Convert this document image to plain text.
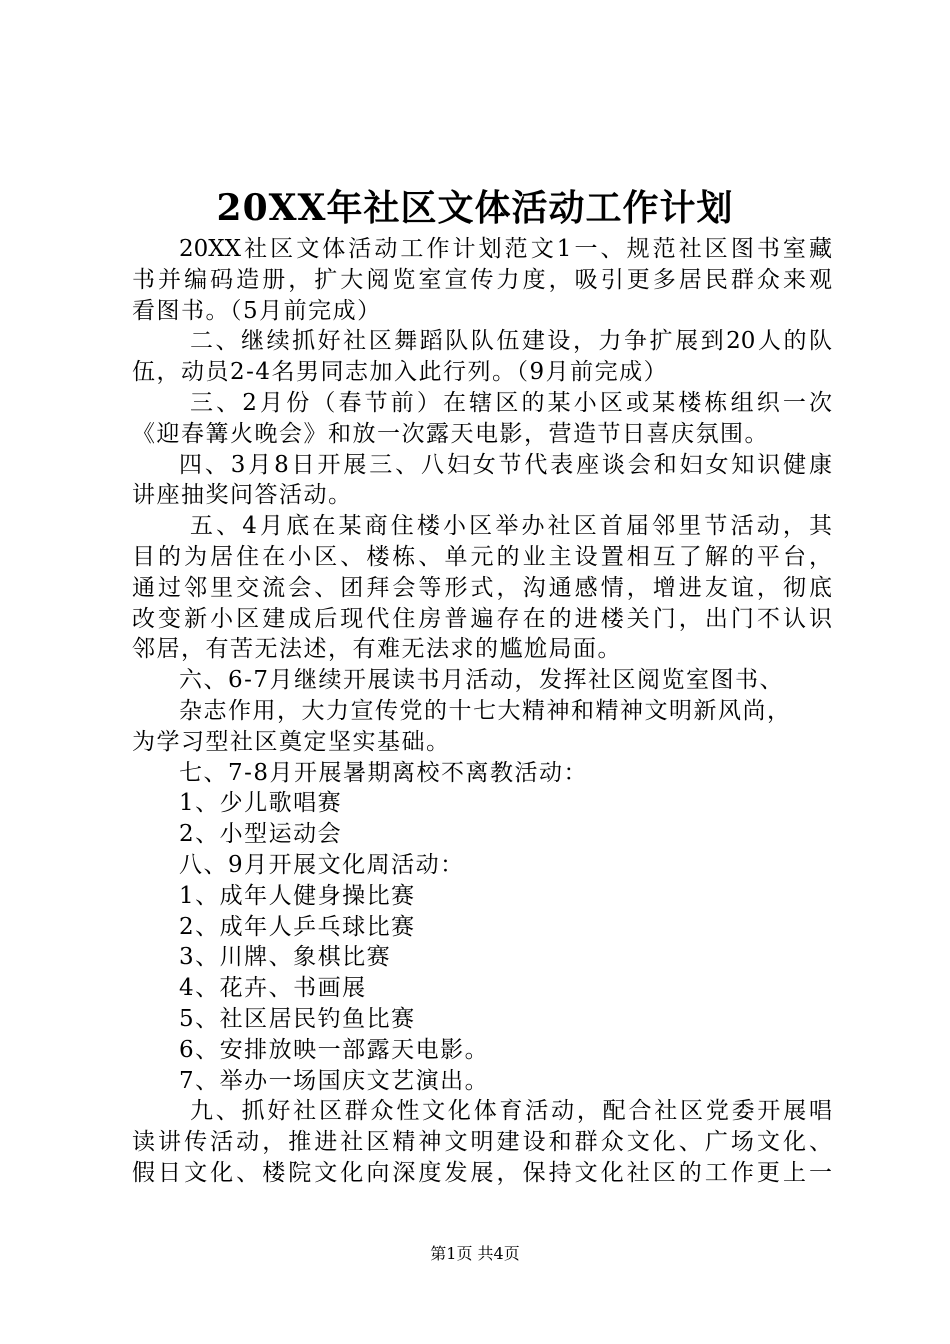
20XX年社区文体活动工作计划
20XX社区文体活动工作计划范文1一、规范社区图书室藏
书并编码造册，扩大阅览室宣传力度，吸引更多居民群众来观
看图书。（5月前完成）
二、继续抓好社区舞蹈队队伍建设，力争扩展到20人的队
伍，动员2-4名男同志加入此行列。（9月前完成）
三、2月份（春节前）在辖区的某小区或某楼栋组织一次
《迎春篝火晚会》和放一次露天电影，营造节日喜庆氛围。
四、3月8日开展三、八妇女节代表座谈会和妇女知识健康
讲座抽奖问答活动。
五、4月底在某商住楼小区举办社区首届邻里节活动，其
目的为居住在小区、楼栋、单元的业主设置相互了解的平台，
通过邻里交流会、团拜会等形式，沟通感情，增进友谊，彻底
改变新小区建成后现代住房普遍存在的进楼关门，出门不认识
邻居，有苦无法述，有难无法求的尴尬局面。
六、6-7月继续开展读书月活动，发挥社区阅览室图书、
杂志作用，大力宣传党的十七大精神和精神文明新风尚，
为学习型社区奠定坚实基础。
七、7-8月开展暑期离校不离教活动：
1、少儿歌唱赛
2、小型运动会
八、9月开展文化周活动：
1、成年人健身操比赛
2、成年人乒乓球比赛
3、川牌、象棋比赛
4、花卉、书画展
5、社区居民钓鱼比赛
6、安排放映一部露天电影。
7、举办一场国庆文艺演出。
九、抓好社区群众性文化体育活动，配合社区党委开展唱
读讲传活动，推进社区精神文明建设和群众文化、广场文化、
假日文化、楼院文化向深度发展，保持文化社区的工作更上一
第1页 共4页
